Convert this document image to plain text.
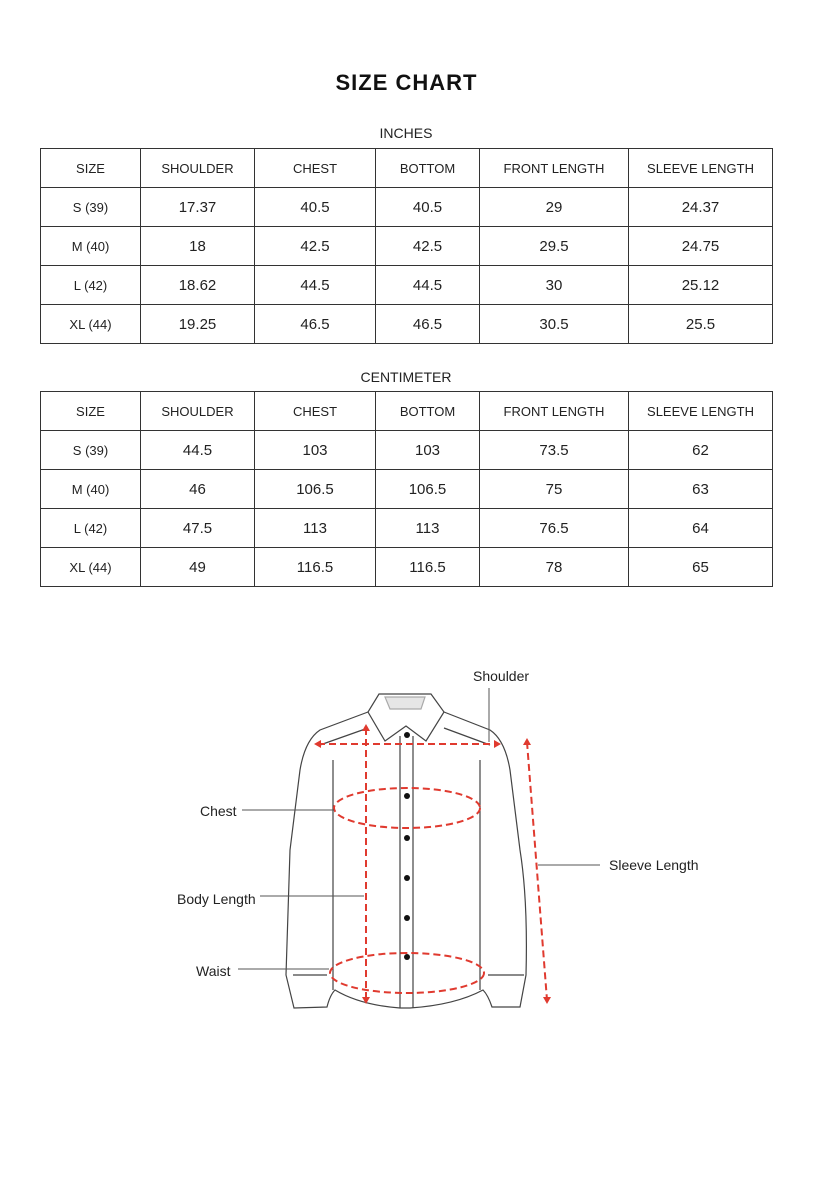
SIZE CHART
INCHES
SIZE	SHOULDER	CHEST	BOTTOM	FRONT LENGTH	SLEEVE LENGTH
S (39)	17.37	40.5	40.5	29	24.37
M (40)	18	42.5	42.5	29.5	24.75
L (42)	18.62	44.5	44.5	30	25.12
XL (44)	19.25	46.5	46.5	30.5	25.5
CENTIMETER
SIZE	SHOULDER	CHEST	BOTTOM	FRONT LENGTH	SLEEVE LENGTH
S (39)	44.5	103	103	73.5	62
M (40)	46	106.5	106.5	75	63
L (42)	47.5	113	113	76.5	64
XL (44)	49	116.5	116.5	78	65
Shoulder
Chest
Body Length
Waist
Sleeve Length
